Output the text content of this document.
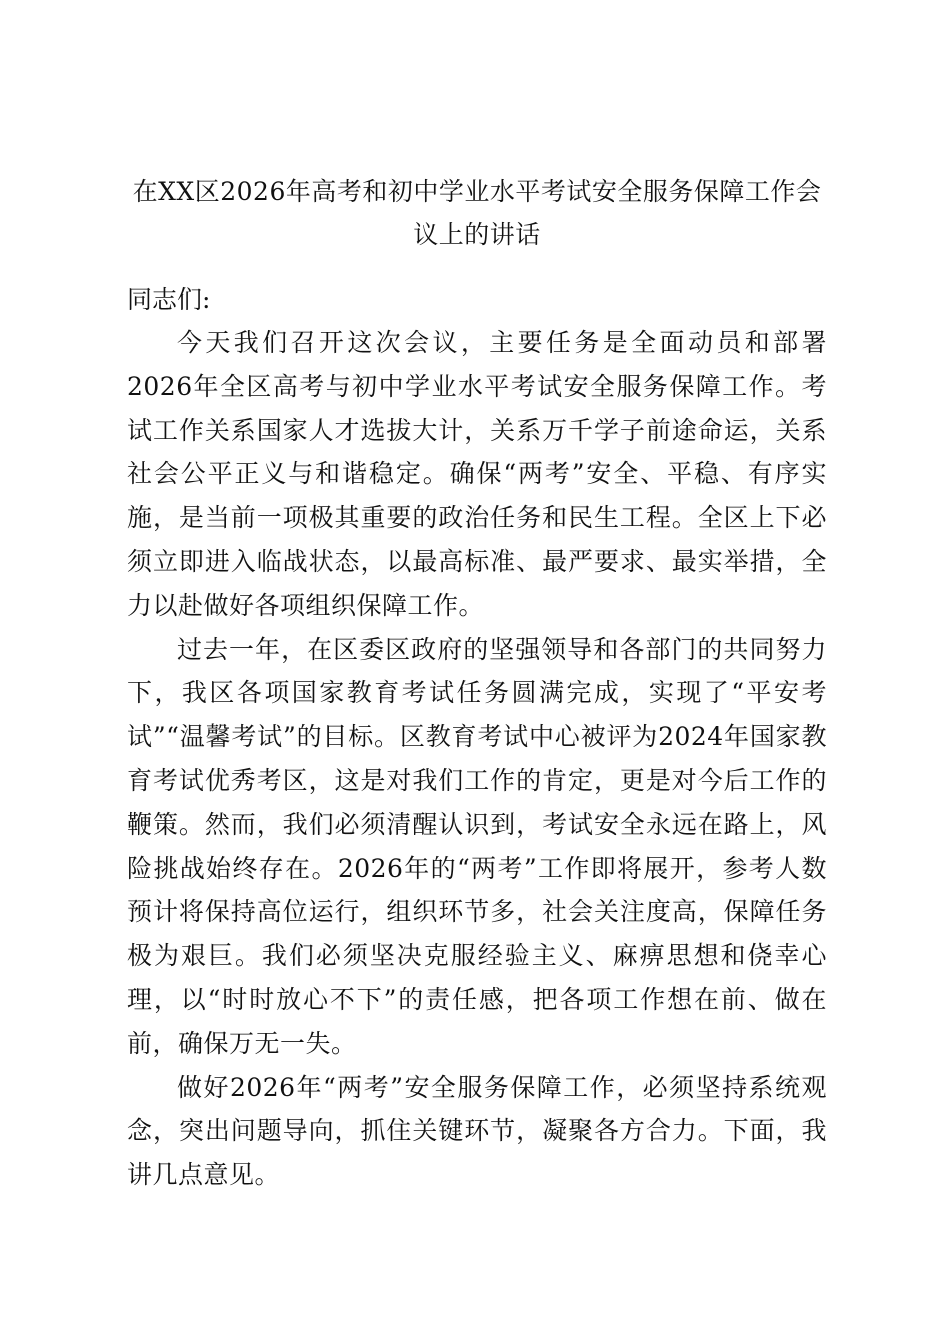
在XX区2026年高考和初中学业水平考试安全服务保障工作会
议上的讲话

同志们:

今天我们召开这次会议，主要任务是全面动员和部署2026年全区高考与初中学业水平考试安全服务保障工作。考试工作关系国家人才选拔大计，关系万千学子前途命运，关系社会公平正义与和谐稳定。确保“两考”安全、平稳、有序实施，是当前一项极其重要的政治任务和民生工程。全区上下必须立即进入临战状态，以最高标准、最严要求、最实举措，全力以赴做好各项组织保障工作。

过去一年，在区委区政府的坚强领导和各部门的共同努力下，我区各项国家教育考试任务圆满完成，实现了“平安考试”“温馨考试”的目标。区教育考试中心被评为2024年国家教育考试优秀考区，这是对我们工作的肯定，更是对今后工作的鞭策。然而，我们必须清醒认识到，考试安全永远在路上，风险挑战始终存在。2026年的“两考”工作即将展开，参考人数预计将保持高位运行，组织环节多，社会关注度高，保障任务极为艰巨。我们必须坚决克服经验主义、麻痹思想和侥幸心理，以“时时放心不下”的责任感，把各项工作想在前、做在前，确保万无一失。

做好2026年“两考”安全服务保障工作，必须坚持系统观念，突出问题导向，抓住关键环节，凝聚各方合力。下面，我讲几点意见。
